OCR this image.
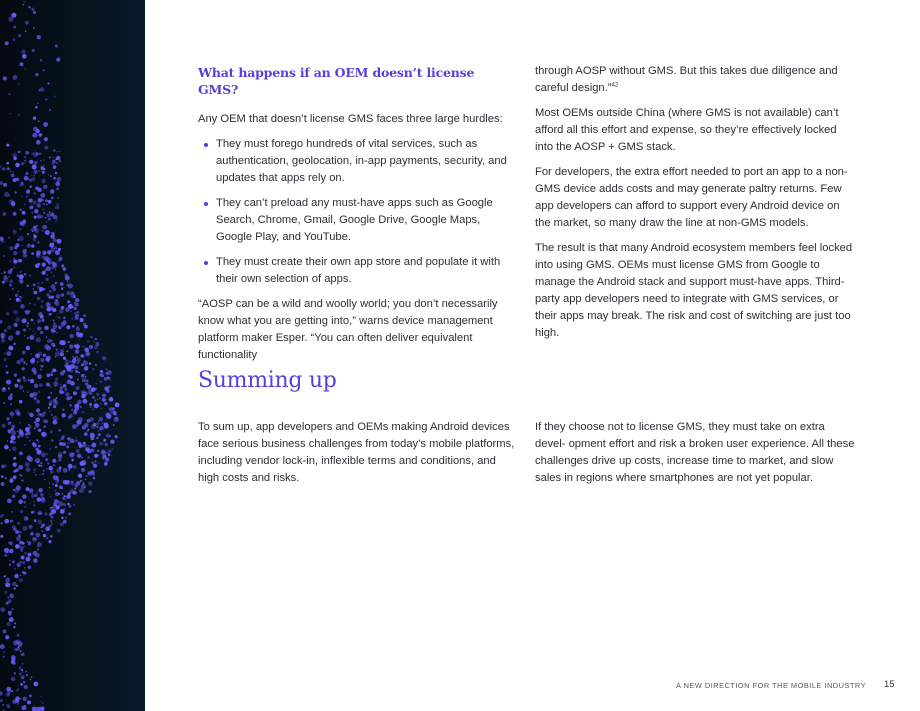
What happens if an OEM doesn’t license GMS?

Any OEM that doesn’t license GMS faces three large hurdles:

They must forego hundreds of vital services, such as authentication, geolocation, in-app payments, security, and updates that apps rely on.
They can’t preload any must-have apps such as Google Search, Chrome, Gmail, Google Drive, Google Maps, Google Play, and YouTube.
They must create their own app store and populate it with their own selection of apps.

“AOSP can be a wild and woolly world; you don’t necessarily know what you are getting into,” warns device management platform maker Esper. “You can often deliver equivalent functionality

through AOSP without GMS. But this takes due diligence and careful design.”$^{42}$

Most OEMs outside China (where GMS is not available) can’t afford all this effort and expense, so they’re effectively locked into the AOSP + GMS stack.

For developers, the extra effort needed to port an app to a non-GMS device adds costs and may generate paltry returns. Few app developers can afford to support every Android device on the market, so many draw the line at non-GMS models.

The result is that many Android ecosystem members feel locked into using GMS. OEMs must license GMS from Google to manage the Android stack and support must-have apps. Third-party app developers need to integrate with GMS services, or their apps may break. The risk and cost of switching are just too high.

Summing up

To sum up, app developers and OEMs making Android devices face serious business challenges from today’s mobile platforms, including vendor lock-in, inflexible terms and conditions, and high costs and risks.

If they choose not to license GMS, they must take on extra devel- opment effort and risk a broken user experience. All these challenges drive up costs, increase time to market, and slow sales in regions where smartphones are not yet popular.

A NEW DIRECTION FOR THE MOBILE INDUSTRY 15
